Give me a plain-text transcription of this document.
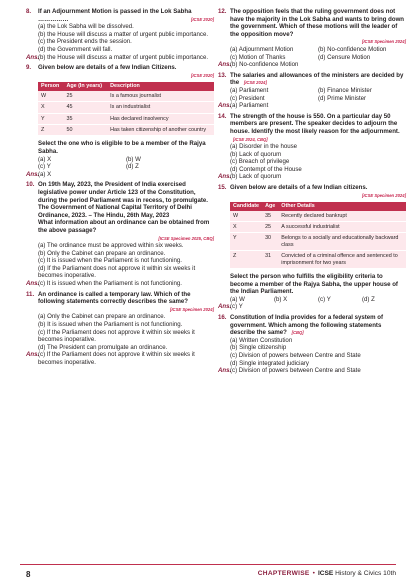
8. If an Adjournment Motion is passed in the Lok Sabha ……………	[ICSE 2020]
(a) the Lok Sabha will be dissolved.
(b) the House will discuss a matter of urgent public importance.
(c) the President ends the session.
(d) the Government will fall.
Ans.
(b) the House will discuss a matter of urgent public importance.
9. Given below are details of a few Indian Citizens.
[ICSE 2020]
Person	Age (In years)	Description
W	25	Is a famous journalist
X	45	Is an industrialist
Y	35	Has declared insolvency
Z	50	Has taken citizenship of another country
Select the one who is eligible to be a member of the Rajya Sabha.
(a) X	(b) W
(c) Y	(d) Z
Ans.
(a) X
10. On 19th May, 2023, the President of India exercised legislative power under Article 123 of the Constitution, during the period Parliament was in recess, to promulgate. The Government of National Capital Territory of Delhi Ordinance, 2023. – The Hindu, 26th May, 2023
What information about an ordinance can be obtained from the above passage?
[ICSE Specimen 2025, CBQ]
(a) The ordinance must be approved within six weeks.
(b) Only the Cabinet can prepare an ordinance.
(c) It is issued when the Parliament is not functioning.
(d) If the Parliament does not approve it within six weeks it becomes inoperative.
Ans.
(c) It is issued when the Parliament is not functioning.
11. An ordinance is called a temporary law. Which of the following statements correctly describes the same?
[ICSE Specimen 2024]
(a) Only the Cabinet can prepare an ordinance.
(b) It is issued when the Parliament is not functioning.
(c) If the Parliament does not approve it within six weeks it becomes inoperative.
(d) The President can promulgate an ordinance.
Ans.
(c) If the Parliament does not approve it within six weeks it becomes inoperative.
12. The opposition feels that the ruling government does not have the majority in the Lok Sabha and wants to bring down the government. Which of these motions will the leader of the opposition move?
[ICSE Specimen 2024]
(a) Adjournment Motion	(b) No-confidence Motion
(c) Motion of Thanks	(d) Censure Motion
Ans.
(b) No-confidence Motion
13. The salaries and allowances of the ministers are decided by the [ICSE 2024]
(a) Parliament	(b) Finance Minister
(c) President	(d) Prime Minister
Ans.
(a) Parliament
14. The strength of the house is 550. On a particular day 50 members are present. The speaker decides to adjourn the house. Identify the most likely reason for the adjournment. [ICSE 2024, CBQ]
(a) Disorder in the house
(b) Lack of quorum
(c) Breach of privilege
(d) Contempt of the House
Ans.
(b) Lack of quorum
15. Given below are details of a few Indian citizens.
[ICSE Specimen 2024]
Candidate	Age	Other Details
W	35	Recently declared bankrupt
X	25	A successful industrialist
Y	30	Belongs to a socially and educationally backward class
Z	31	Convicted of a criminal offence and sentenced to imprisonment for two years
Select the person who fulfills the eligibility criteria to become a member of the Rajya Sabha, the upper house of the Indian Parliament.
(a) W	(b) X	(c) Y	(d) Z
Ans.
(c) Y
16. Constitution of India provides for a federal system of government. Which among the following statements describe the same? [CBQ]
(a) Written Constitution
(b) Single citizenship
(c) Division of powers between Centre and State
(d) Single integrated judiciary
Ans.
(c) Division of powers between Centre and State
8	CHAPTERWISE • ICSE History & Civics 10th
